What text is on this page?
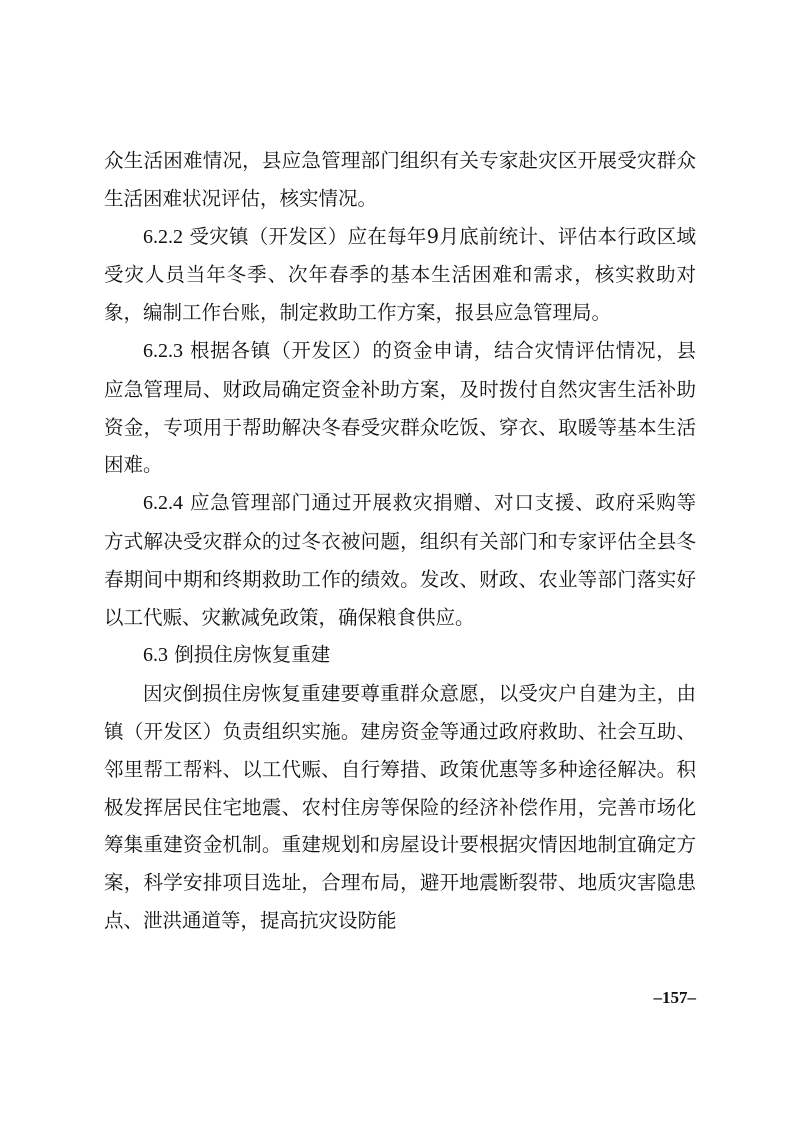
众生活困难情况，县应急管理部门组织有关专家赴灾区开展受灾群众生活困难状况评估，核实情况。

6.2.2 受灾镇（开发区）应在每年9月底前统计、评估本行政区域受灾人员当年冬季、次年春季的基本生活困难和需求，核实救助对象，编制工作台账，制定救助工作方案，报县应急管理局。

6.2.3 根据各镇（开发区）的资金申请，结合灾情评估情况，县应急管理局、财政局确定资金补助方案，及时拨付自然灾害生活补助资金，专项用于帮助解决冬春受灾群众吃饭、穿衣、取暖等基本生活困难。

6.2.4 应急管理部门通过开展救灾捐赠、对口支援、政府采购等方式解决受灾群众的过冬衣被问题，组织有关部门和专家评估全县冬春期间中期和终期救助工作的绩效。发改、财政、农业等部门落实好以工代赈、灾歉减免政策，确保粮食供应。

6.3 倒损住房恢复重建

因灾倒损住房恢复重建要尊重群众意愿，以受灾户自建为主，由镇（开发区）负责组织实施。建房资金等通过政府救助、社会互助、邻里帮工帮料、以工代赈、自行筹措、政策优惠等多种途径解决。积极发挥居民住宅地震、农村住房等保险的经济补偿作用，完善市场化筹集重建资金机制。重建规划和房屋设计要根据灾情因地制宜确定方案，科学安排项目选址，合理布局，避开地震断裂带、地质灾害隐患点、泄洪通道等，提高抗灾设防能

–157–
